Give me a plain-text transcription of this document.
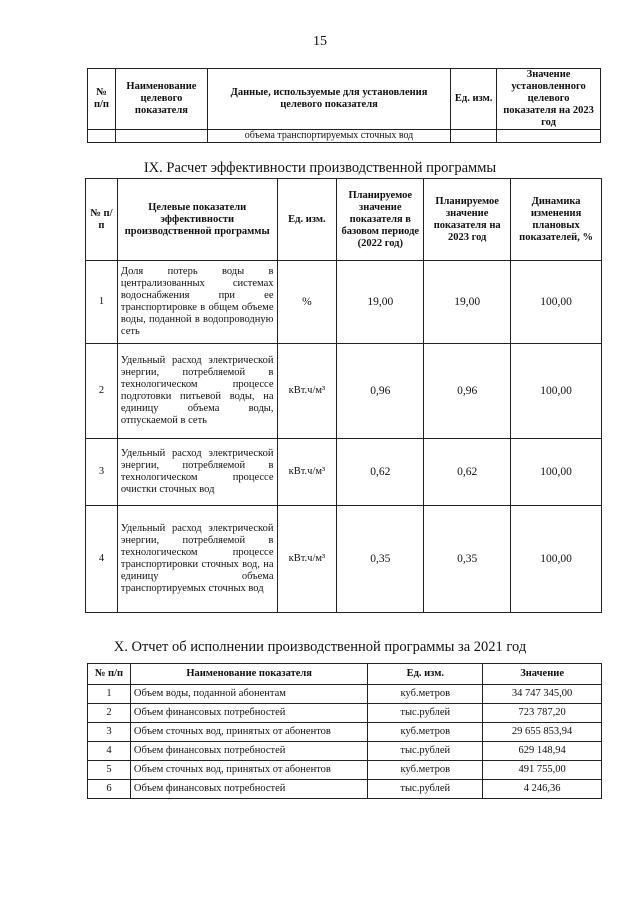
15
№ п/п	Наименование целевого показателя	Данные, используемые для установления целевого показателя	Ед. изм.	Значение установленного целевого показателя на 2023 год
		объема транспортируемых сточных вод		
IX. Расчет эффективности производственной программы
№ п/п	Целевые показатели эффективности производственной программы	Ед. изм.	Планируемое значение показателя в базовом периоде (2022 год)	Планируемое значение показателя на 2023 год	Динамика изменения плановых показателей, %
1	Доля потерь воды в централизованных системах водоснабжения при ее транспортировке в общем объеме воды, поданной в водопроводную сеть	%	19,00	19,00	100,00
2	Удельный расход электрической энергии, потребляемой в технологическом процессе подготовки питьевой воды, на единицу объема воды, отпускаемой в сеть	кВт.ч/м³	0,96	0,96	100,00
3	Удельный расход электрической энергии, потребляемой в технологическом процессе очистки сточных вод	кВт.ч/м³	0,62	0,62	100,00
4	Удельный расход электрической энергии, потребляемой в технологическом процессе транспортировки сточных вод, на единицу объема транспортируемых сточных вод	кВт.ч/м³	0,35	0,35	100,00
X. Отчет об исполнении производственной программы за 2021 год
№ п/п	Наименование показателя	Ед. изм.	Значение
1	Объем воды, поданной абонентам	куб.метров	34 747 345,00
2	Объем финансовых потребностей	тыс.рублей	723 787,20
3	Объем сточных вод, принятых от абонентов	куб.метров	29 655 853,94
4	Объем финансовых потребностей	тыс.рублей	629 148,94
5	Объем сточных вод, принятых от абонентов	куб.метров	491 755,00
6	Объем финансовых потребностей	тыс.рублей	4 246,36
